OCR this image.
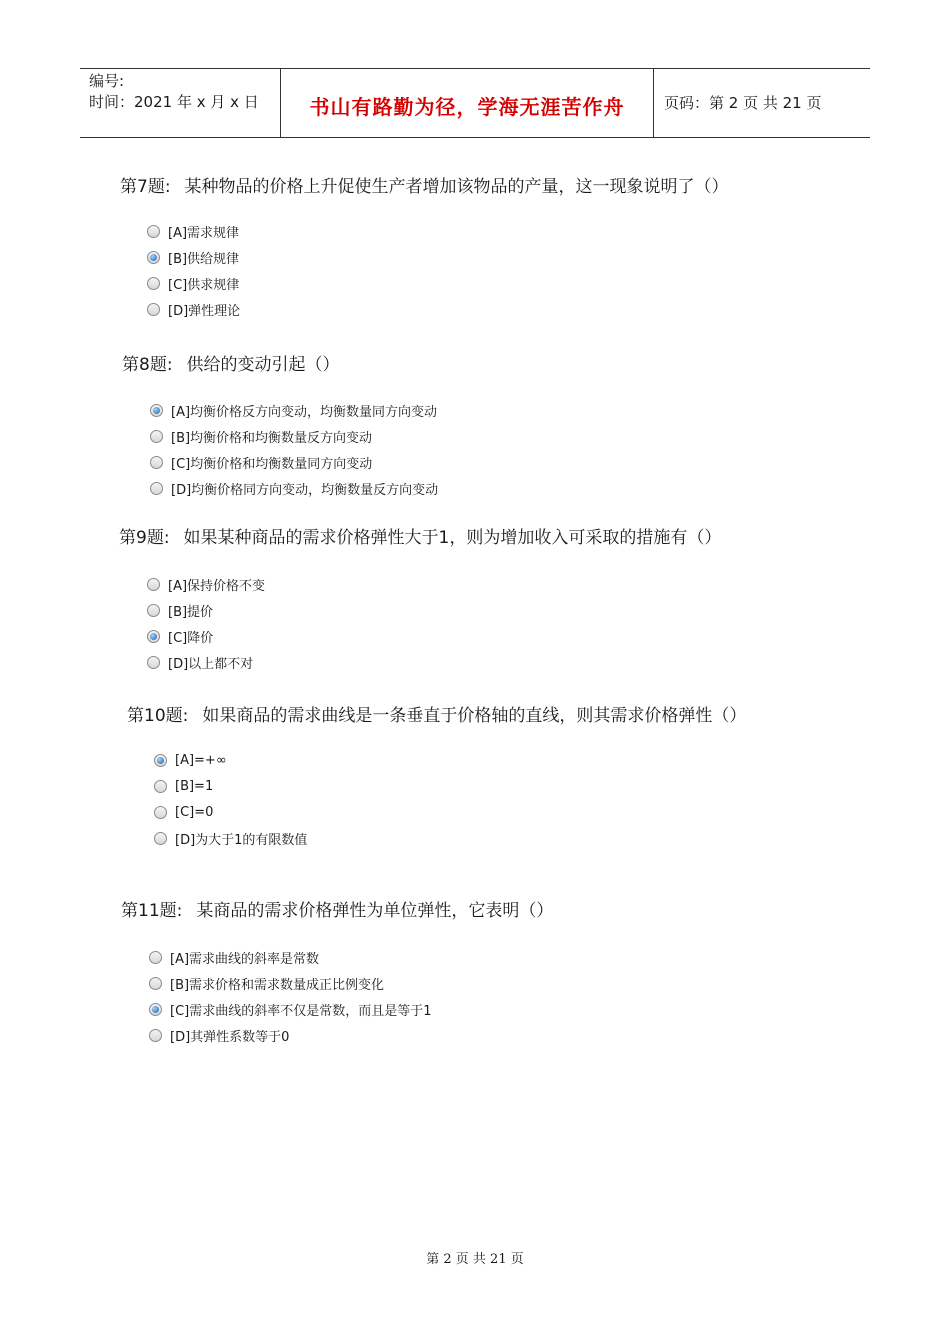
编号:
时间：2021 年 x 月 x 日	书山有路勤为径，学海无涯苦作舟	页码：第 2 页 共 21 页
第7题: 某种物品的价格上升促使生产者增加该物品的产量，这一现象说明了（）
[A]需求规律
[B]供给规律
[C]供求规律
[D]弹性理论
第8题: 供给的变动引起（）
[A]均衡价格反方向变动，均衡数量同方向变动
[B]均衡价格和均衡数量反方向变动
[C]均衡价格和均衡数量同方向变动
[D]均衡价格同方向变动，均衡数量反方向变动
第9题: 如果某种商品的需求价格弹性大于1，则为增加收入可采取的措施有（）
[A]保持价格不变
[B]提价
[C]降价
[D]以上都不对
第10题: 如果商品的需求曲线是一条垂直于价格轴的直线，则其需求价格弹性（）
[A]=+∞
[B]=1
[C]=0
[D]为大于1的有限数值
第11题: 某商品的需求价格弹性为单位弹性，它表明（）
[A]需求曲线的斜率是常数
[B]需求价格和需求数量成正比例变化
[C]需求曲线的斜率不仅是常数，而且是等于1
[D]其弹性系数等于0
第 2 页 共 21 页
